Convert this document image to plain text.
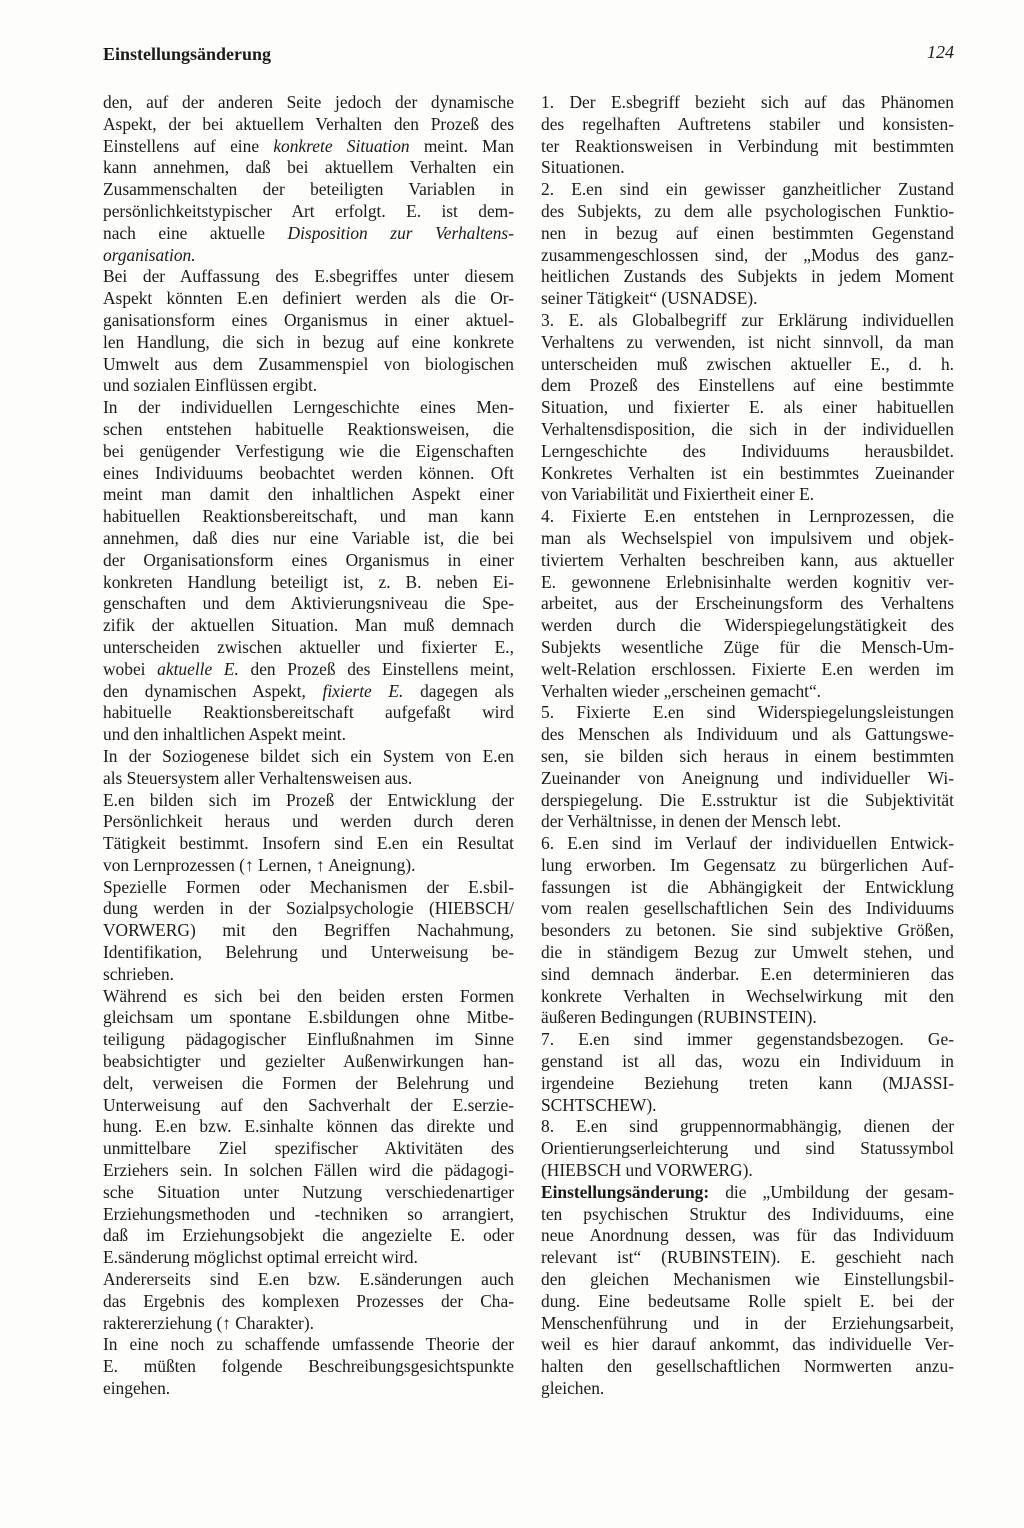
Einstellungsänderung	124
den, auf der anderen Seite jedoch der dynamische
Aspekt, der bei aktuellem Verhalten den Prozeß des
Einstellens auf eine konkrete Situation meint. Man
kann annehmen, daß bei aktuellem Verhalten ein
Zusammenschalten der beteiligten Variablen in
persönlichkeitstypischer Art erfolgt. E. ist dem-
nach eine aktuelle Disposition zur Verhaltens-
organisation.
Bei der Auffassung des E.sbegriffes unter diesem
Aspekt könnten E.en definiert werden als die Or-
ganisationsform eines Organismus in einer aktuel-
len Handlung, die sich in bezug auf eine konkrete
Umwelt aus dem Zusammenspiel von biologischen
und sozialen Einflüssen ergibt.
In der individuellen Lerngeschichte eines Men-
schen entstehen habituelle Reaktionsweisen, die
bei genügender Verfestigung wie die Eigenschaften
eines Individuums beobachtet werden können. Oft
meint man damit den inhaltlichen Aspekt einer
habituellen Reaktionsbereitschaft, und man kann
annehmen, daß dies nur eine Variable ist, die bei
der Organisationsform eines Organismus in einer
konkreten Handlung beteiligt ist, z. B. neben Ei-
genschaften und dem Aktivierungsniveau die Spe-
zifik der aktuellen Situation. Man muß demnach
unterscheiden zwischen aktueller und fixierter E.,
wobei aktuelle E. den Prozeß des Einstellens meint,
den dynamischen Aspekt, fixierte E. dagegen als
habituelle Reaktionsbereitschaft aufgefaßt wird
und den inhaltlichen Aspekt meint.
In der Soziogenese bildet sich ein System von E.en
als Steuersystem aller Verhaltensweisen aus.
E.en bilden sich im Prozeß der Entwicklung der
Persönlichkeit heraus und werden durch deren
Tätigkeit bestimmt. Insofern sind E.en ein Resultat
von Lernprozessen (↑ Lernen, ↑ Aneignung).
Spezielle Formen oder Mechanismen der E.sbil-
dung werden in der Sozialpsychologie (HIEBSCH/
VORWERG) mit den Begriffen Nachahmung,
Identifikation, Belehrung und Unterweisung be-
schrieben.
Während es sich bei den beiden ersten Formen
gleichsam um spontane E.sbildungen ohne Mitbe-
teiligung pädagogischer Einflußnahmen im Sinne
beabsichtigter und gezielter Außenwirkungen han-
delt, verweisen die Formen der Belehrung und
Unterweisung auf den Sachverhalt der E.serzie-
hung. E.en bzw. E.sinhalte können das direkte und
unmittelbare Ziel spezifischer Aktivitäten des
Erziehers sein. In solchen Fällen wird die pädagogi-
sche Situation unter Nutzung verschiedenartiger
Erziehungsmethoden und -techniken so arrangiert,
daß im Erziehungsobjekt die angezielte E. oder
E.sänderung möglichst optimal erreicht wird.
Andererseits sind E.en bzw. E.sänderungen auch
das Ergebnis des komplexen Prozesses der Cha-
raktererziehung (↑ Charakter).
In eine noch zu schaffende umfassende Theorie der
E. müßten folgende Beschreibungsgesichtspunkte
eingehen.
1. Der E.sbegriff bezieht sich auf das Phänomen
des regelhaften Auftretens stabiler und konsisten-
ter Reaktionsweisen in Verbindung mit bestimmten
Situationen.
2. E.en sind ein gewisser ganzheitlicher Zustand
des Subjekts, zu dem alle psychologischen Funktio-
nen in bezug auf einen bestimmten Gegenstand
zusammengeschlossen sind, der „Modus des ganz-
heitlichen Zustands des Subjekts in jedem Moment
seiner Tätigkeit“ (USNADSE).
3. E. als Globalbegriff zur Erklärung individuellen
Verhaltens zu verwenden, ist nicht sinnvoll, da man
unterscheiden muß zwischen aktueller E., d. h.
dem Prozeß des Einstellens auf eine bestimmte
Situation, und fixierter E. als einer habituellen
Verhaltensdisposition, die sich in der individuellen
Lerngeschichte des Individuums herausbildet.
Konkretes Verhalten ist ein bestimmtes Zueinander
von Variabilität und Fixiertheit einer E.
4. Fixierte E.en entstehen in Lernprozessen, die
man als Wechselspiel von impulsivem und objek-
tiviertem Verhalten beschreiben kann, aus aktueller
E. gewonnene Erlebnisinhalte werden kognitiv ver-
arbeitet, aus der Erscheinungsform des Verhaltens
werden durch die Widerspiegelungstätigkeit des
Subjekts wesentliche Züge für die Mensch-Um-
welt-Relation erschlossen. Fixierte E.en werden im
Verhalten wieder „erscheinen gemacht“.
5. Fixierte E.en sind Widerspiegelungsleistungen
des Menschen als Individuum und als Gattungswe-
sen, sie bilden sich heraus in einem bestimmten
Zueinander von Aneignung und individueller Wi-
derspiegelung. Die E.sstruktur ist die Subjektivität
der Verhältnisse, in denen der Mensch lebt.
6. E.en sind im Verlauf der individuellen Entwick-
lung erworben. Im Gegensatz zu bürgerlichen Auf-
fassungen ist die Abhängigkeit der Entwicklung
vom realen gesellschaftlichen Sein des Individuums
besonders zu betonen. Sie sind subjektive Größen,
die in ständigem Bezug zur Umwelt stehen, und
sind demnach änderbar. E.en determinieren das
konkrete Verhalten in Wechselwirkung mit den
äußeren Bedingungen (RUBINSTEIN).
7. E.en sind immer gegenstandsbezogen. Ge-
genstand ist all das, wozu ein Individuum in
irgendeine Beziehung treten kann (MJASSI-
SCHTSCHEW).
8. E.en sind gruppennormabhängig, dienen der
Orientierungserleichterung und sind Statussymbol
(HIEBSCH und VORWERG).
Einstellungsänderung: die „Umbildung der gesam-
ten psychischen Struktur des Individuums, eine
neue Anordnung dessen, was für das Individuum
relevant ist“ (RUBINSTEIN). E. geschieht nach
den gleichen Mechanismen wie Einstellungsbil-
dung. Eine bedeutsame Rolle spielt E. bei der
Menschenführung und in der Erziehungsarbeit,
weil es hier darauf ankommt, das individuelle Ver-
halten den gesellschaftlichen Normwerten anzu-
gleichen.
